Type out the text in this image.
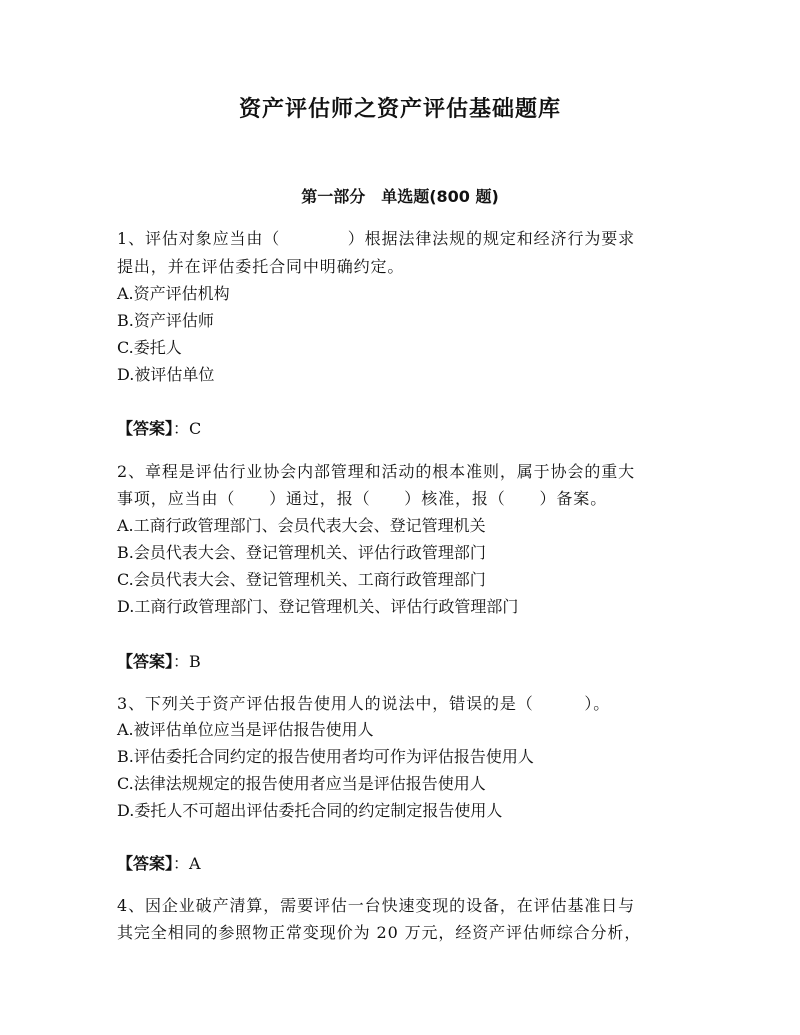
资产评估师之资产评估基础题库
第一部分　单选题(800 题)
1、评估对象应当由（　　　　）根据法律法规的规定和经济行为要求
提出，并在评估委托合同中明确约定。
A.资产评估机构
B.资产评估师
C.委托人
D.被评估单位
【答案】：C
2、章程是评估行业协会内部管理和活动的根本准则，属于协会的重大
事项，应当由（　　）通过，报（　　）核准，报（　　）备案。
A.工商行政管理部门、会员代表大会、登记管理机关
B.会员代表大会、登记管理机关、评估行政管理部门
C.会员代表大会、登记管理机关、工商行政管理部门
D.工商行政管理部门、登记管理机关、评估行政管理部门
【答案】：B
3、下列关于资产评估报告使用人的说法中，错误的是（　　　）。
A.被评估单位应当是评估报告使用人
B.评估委托合同约定的报告使用者均可作为评估报告使用人
C.法律法规规定的报告使用者应当是评估报告使用人
D.委托人不可超出评估委托合同的约定制定报告使用人
【答案】：A
4、因企业破产清算，需要评估一台快速变现的设备，在评估基准日与
其完全相同的参照物正常变现价为 20 万元，经资产评估师综合分析，
